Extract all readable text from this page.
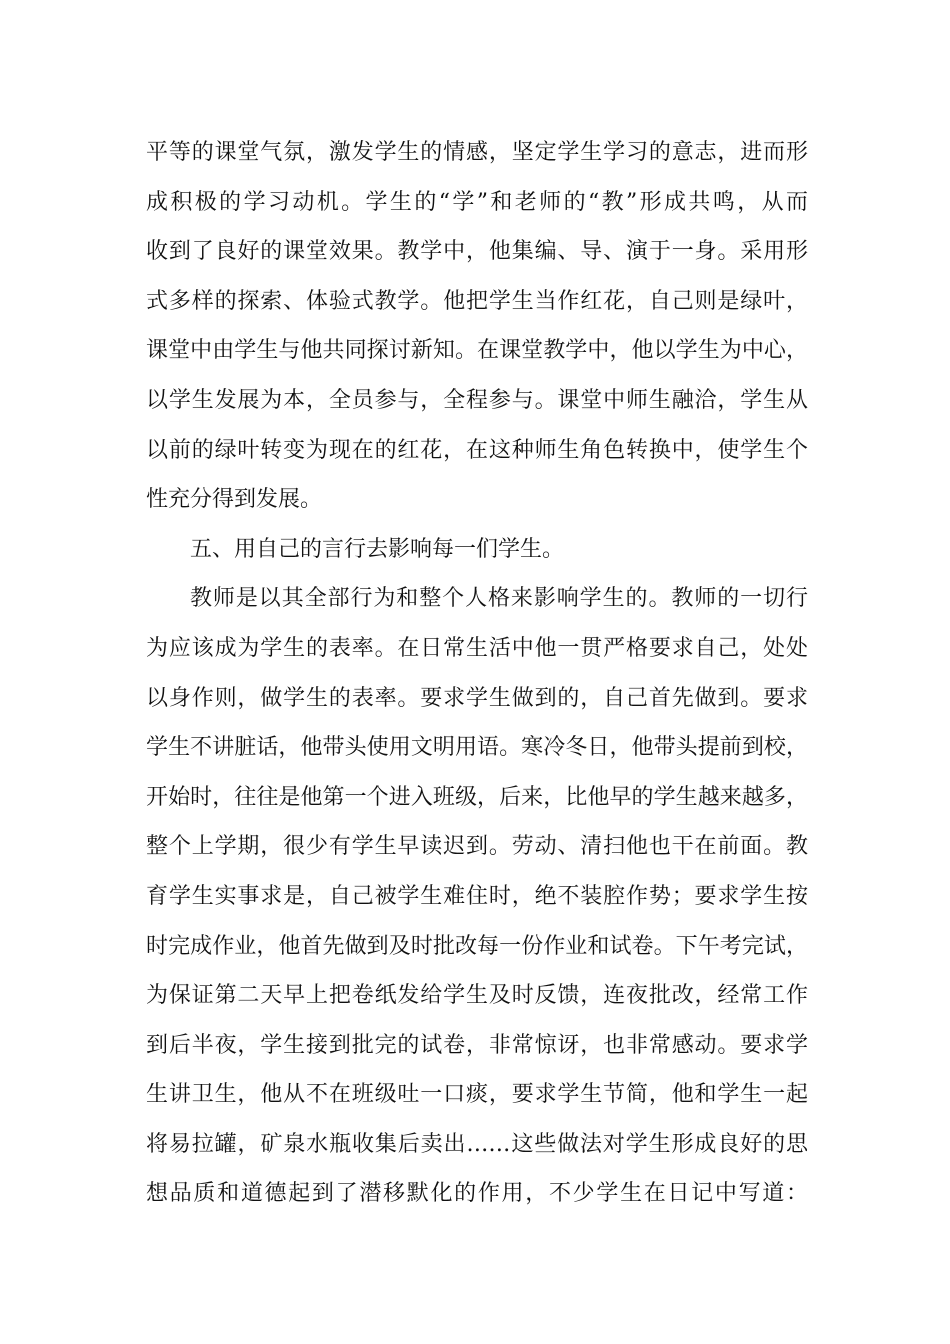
平等的课堂气氛，激发学生的情感，坚定学生学习的意志，进而形
成积极的学习动机。学生的“学”和老师的“教”形成共鸣，从而
收到了良好的课堂效果。教学中，他集编、导、演于一身。采用形
式多样的探索、体验式教学。他把学生当作红花，自己则是绿叶，
课堂中由学生与他共同探讨新知。在课堂教学中，他以学生为中心，
以学生发展为本，全员参与，全程参与。课堂中师生融洽，学生从
以前的绿叶转变为现在的红花，在这种师生角色转换中，使学生个
性充分得到发展。
五、用自己的言行去影响每一们学生。
教师是以其全部行为和整个人格来影响学生的。教师的一切行
为应该成为学生的表率。在日常生活中他一贯严格要求自己，处处
以身作则，做学生的表率。要求学生做到的，自己首先做到。要求
学生不讲脏话，他带头使用文明用语。寒冷冬日，他带头提前到校，
开始时，往往是他第一个进入班级，后来，比他早的学生越来越多，
整个上学期，很少有学生早读迟到。劳动、清扫他也干在前面。教
育学生实事求是，自己被学生难住时，绝不装腔作势；要求学生按
时完成作业，他首先做到及时批改每一份作业和试卷。下午考完试，
为保证第二天早上把卷纸发给学生及时反馈，连夜批改，经常工作
到后半夜，学生接到批完的试卷，非常惊讶，也非常感动。要求学
生讲卫生，他从不在班级吐一口痰，要求学生节简，他和学生一起
将易拉罐，矿泉水瓶收集后卖出……这些做法对学生形成良好的思
想品质和道德起到了潜移默化的作用，不少学生在日记中写道：
